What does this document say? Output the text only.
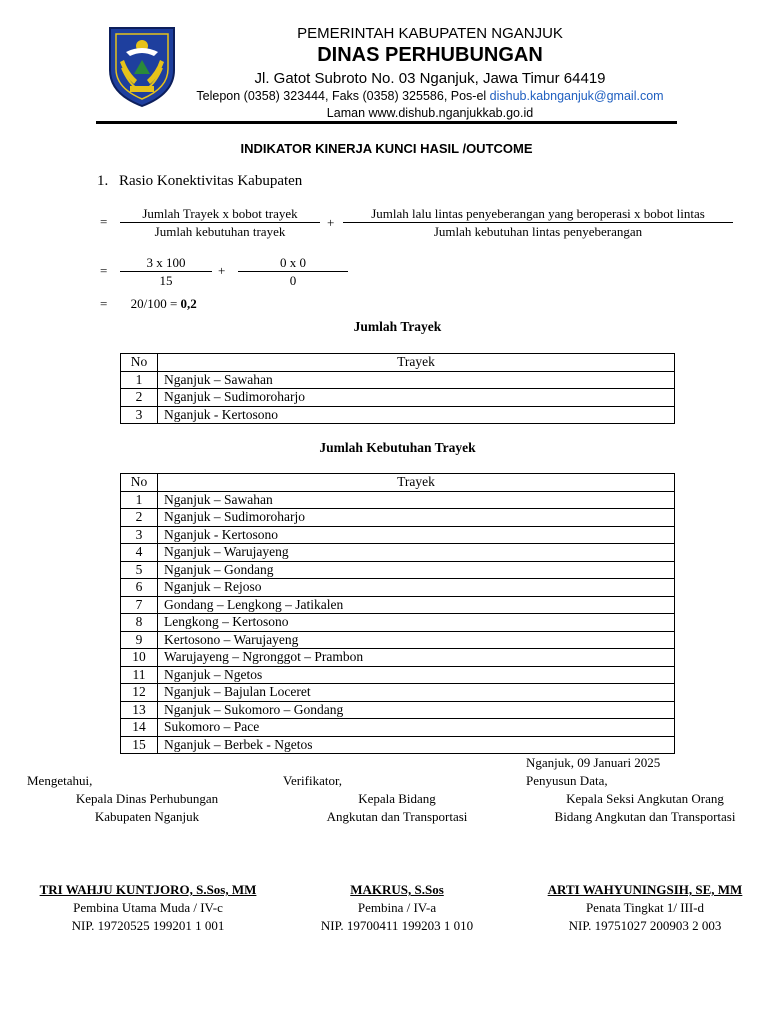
PEMERINTAH KABUPATEN NGANJUK
DINAS PERHUBUNGAN
Jl. Gatot Subroto No. 03 Nganjuk, Jawa Timur 64419
Telepon (0358) 323444, Faks (0358) 325586, Pos-el dishub.kabnganjuk@gmail.com
Laman www.dishub.nganjukkab.go.id
INDIKATOR KINERJA KUNCI HASIL /OUTCOME
1. Rasio Konektivitas Kabupaten
=
Jumlah Trayek x bobot trayek
Jumlah kebutuhan trayek
+
Jumlah lalu lintas penyeberangan yang beroperasi x bobot lintas
Jumlah kebutuhan lintas penyeberangan
= $\frac{3 x 100}{15} + \frac{0 x 0}{0}$
= 20/100 = 0,2
Jumlah Trayek
No	Trayek
1	Nganjuk – Sawahan
2	Nganjuk – Sudimoroharjo
3	Nganjuk - Kertosono
Jumlah Kebutuhan Trayek
No	Trayek
1	Nganjuk – Sawahan
2	Nganjuk – Sudimoroharjo
3	Nganjuk - Kertosono
4	Nganjuk – Warujayeng
5	Nganjuk – Gondang
6	Nganjuk – Rejoso
7	Gondang – Lengkong – Jatikalen
8	Lengkong – Kertosono
9	Kertosono – Warujayeng
10	Warujayeng – Ngronggot – Prambon
11	Nganjuk – Ngetos
12	Nganjuk – Bajulan Loceret
13	Nganjuk – Sukomoro – Gondang
14	Sukomoro – Pace
15	Nganjuk – Berbek - Ngetos
Nganjuk, 09 Januari 2025
Mengetahui,	Verifikator,	Penyusun Data,
Kepala Dinas Perhubungan
Kabupaten Nganjuk
Kepala Bidang
Angkutan dan Transportasi
Kepala Seksi Angkutan Orang
Bidang Angkutan dan Transportasi
TRI WAHJU KUNTJORO, S.Sos, MM
Pembina Utama Muda / IV-c
NIP. 19720525 199201 1 001
MAKRUS, S.Sos
Pembina / IV-a
NIP. 19700411 199203 1 010
ARTI WAHYUNINGSIH, SE, MM
Penata Tingkat 1/ III-d
NIP. 19751027 200903 2 003
